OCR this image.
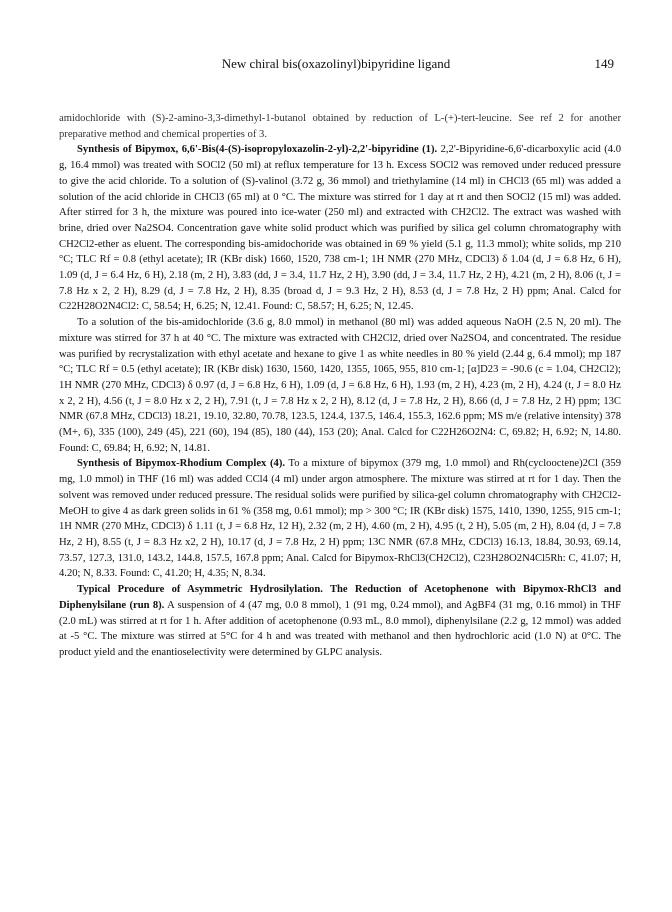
New chiral bis(oxazolinyl)bipyridine ligand	149

amidochloride with (S)-2-amino-3,3-dimethyl-1-butanol obtained by reduction of L-(+)-tert-leucine. See ref 2 for another preparative method and chemical properties of 3.

Synthesis of Bipymox, 6,6'-Bis(4-(S)-isopropyloxazolin-2-yl)-2,2'-bipyridine (1). 2,2'-Bipyridine-6,6'-dicarboxylic acid (4.0 g, 16.4 mmol) was treated with SOCl2 (50 ml) at reflux temperature for 13 h. Excess SOCl2 was removed under reduced pressure to give the acid chloride. To a solution of (S)-valinol (3.72 g, 36 mmol) and triethylamine (14 ml) in CHCl3 (65 ml) was added a solution of the acid chloride in CHCl3 (65 ml) at 0 °C. The mixture was stirred for 1 day at rt and then SOCl2 (15 ml) was added. After stirred for 3 h, the mixture was poured into ice-water (250 ml) and extracted with CH2Cl2. The extract was washed with brine, dried over Na2SO4. Concentration gave white solid product which was purified by silica gel column chromatography with CH2Cl2-ether as eluent. The corresponding bis-amidochoride was obtained in 69 % yield (5.1 g, 11.3 mmol); white solids, mp 210 °C; TLC Rf = 0.8 (ethyl acetate); IR (KBr disk) 1660, 1520, 738 cm-1; 1H NMR (270 MHz, CDCl3) δ 1.04 (d, J = 6.8 Hz, 6 H), 1.09 (d, J = 6.4 Hz, 6 H), 2.18 (m, 2 H), 3.83 (dd, J = 3.4, 11.7 Hz, 2 H), 3.90 (dd, J = 3.4, 11.7 Hz, 2 H), 4.21 (m, 2 H), 8.06 (t, J = 7.8 Hz x 2, 2 H), 8.29 (d, J = 7.8 Hz, 2 H), 8.35 (broad d, J = 9.3 Hz, 2 H), 8.53 (d, J = 7.8 Hz, 2 H) ppm; Anal. Calcd for C22H28O2N4Cl2: C, 58.54; H, 6.25; N, 12.41. Found: C, 58.57; H, 6.25; N, 12.45.

To a solution of the bis-amidochloride (3.6 g, 8.0 mmol) in methanol (80 ml) was added aqueous NaOH (2.5 N, 20 ml). The mixture was stirred for 37 h at 40 °C. The mixture was extracted with CH2Cl2, dried over Na2SO4, and concentrated. The residue was purified by recrystalization with ethyl acetate and hexane to give 1 as white needles in 80 % yield (2.44 g, 6.4 mmol); mp 187 °C; TLC Rf = 0.5 (ethyl acetate); IR (KBr disk) 1630, 1560, 1420, 1355, 1065, 955, 810 cm-1; [α]D23 = -90.6 (c = 1.04, CH2Cl2); 1H NMR (270 MHz, CDCl3) δ 0.97 (d, J = 6.8 Hz, 6 H), 1.09 (d, J = 6.8 Hz, 6 H), 1.93 (m, 2 H), 4.23 (m, 2 H), 4.24 (t, J = 8.0 Hz x 2, 2 H), 4.56 (t, J = 8.0 Hz x 2, 2 H), 7.91 (t, J = 7.8 Hz x 2, 2 H), 8.12 (d, J = 7.8 Hz, 2 H), 8.66 (d, J = 7.8 Hz, 2 H) ppm; 13C NMR (67.8 MHz, CDCl3) 18.21, 19.10, 32.80, 70.78, 123.5, 124.4, 137.5, 146.4, 155.3, 162.6 ppm; MS m/e (relative intensity) 378 (M+, 6), 335 (100), 249 (45), 221 (60), 194 (85), 180 (44), 153 (20); Anal. Calcd for C22H26O2N4: C, 69.82; H, 6.92; N, 14.80. Found: C, 69.84; H, 6.92; N, 14.81.

Synthesis of Bipymox-Rhodium Complex (4). To a mixture of bipymox (379 mg, 1.0 mmol) and Rh(cyclooctene)2Cl (359 mg, 1.0 mmol) in THF (16 ml) was added CCl4 (4 ml) under argon atmosphere. The mixture was stirred at rt for 1 day. Then the solvent was removed under reduced pressure. The residual solids were purified by silica-gel column chromatography with CH2Cl2-MeOH to give 4 as dark green solids in 61 % (358 mg, 0.61 mmol); mp > 300 °C; IR (KBr disk) 1575, 1410, 1390, 1255, 915 cm-1; 1H NMR (270 MHz, CDCl3) δ 1.11 (t, J = 6.8 Hz, 12 H), 2.32 (m, 2 H), 4.60 (m, 2 H), 4.95 (t, 2 H), 5.05 (m, 2 H), 8.04 (d, J = 7.8 Hz, 2 H), 8.55 (t, J = 8.3 Hz x2, 2 H), 10.17 (d, J = 7.8 Hz, 2 H) ppm; 13C NMR (67.8 MHz, CDCl3) 16.13, 18.84, 30.93, 69.14, 73.57, 127.3, 131.0, 143.2, 144.8, 157.5, 167.8 ppm; Anal. Calcd for Bipymox-RhCl3(CH2Cl2), C23H28O2N4Cl5Rh: C, 41.07; H, 4.20; N, 8.33. Found: C, 41.20; H, 4.35; N, 8.34.

Typical Procedure of Asymmetric Hydrosilylation. The Reduction of Acetophenone with Bipymox-RhCl3 and Diphenylsilane (run 8). A suspension of 4 (47 mg, 0.0 8 mmol), 1 (91 mg, 0.24 mmol), and AgBF4 (31 mg, 0.16 mmol) in THF (2.0 mL) was stirred at rt for 1 h. After addition of acetophenone (0.93 mL, 8.0 mmol), diphenylsilane (2.2 g, 12 mmol) was added at -5 °C. The mixture was stirred at 5°C for 4 h and was treated with methanol and then hydrochloric acid (1.0 N) at 0°C. The product yield and the enantioselectivity were determined by GLPC analysis.
